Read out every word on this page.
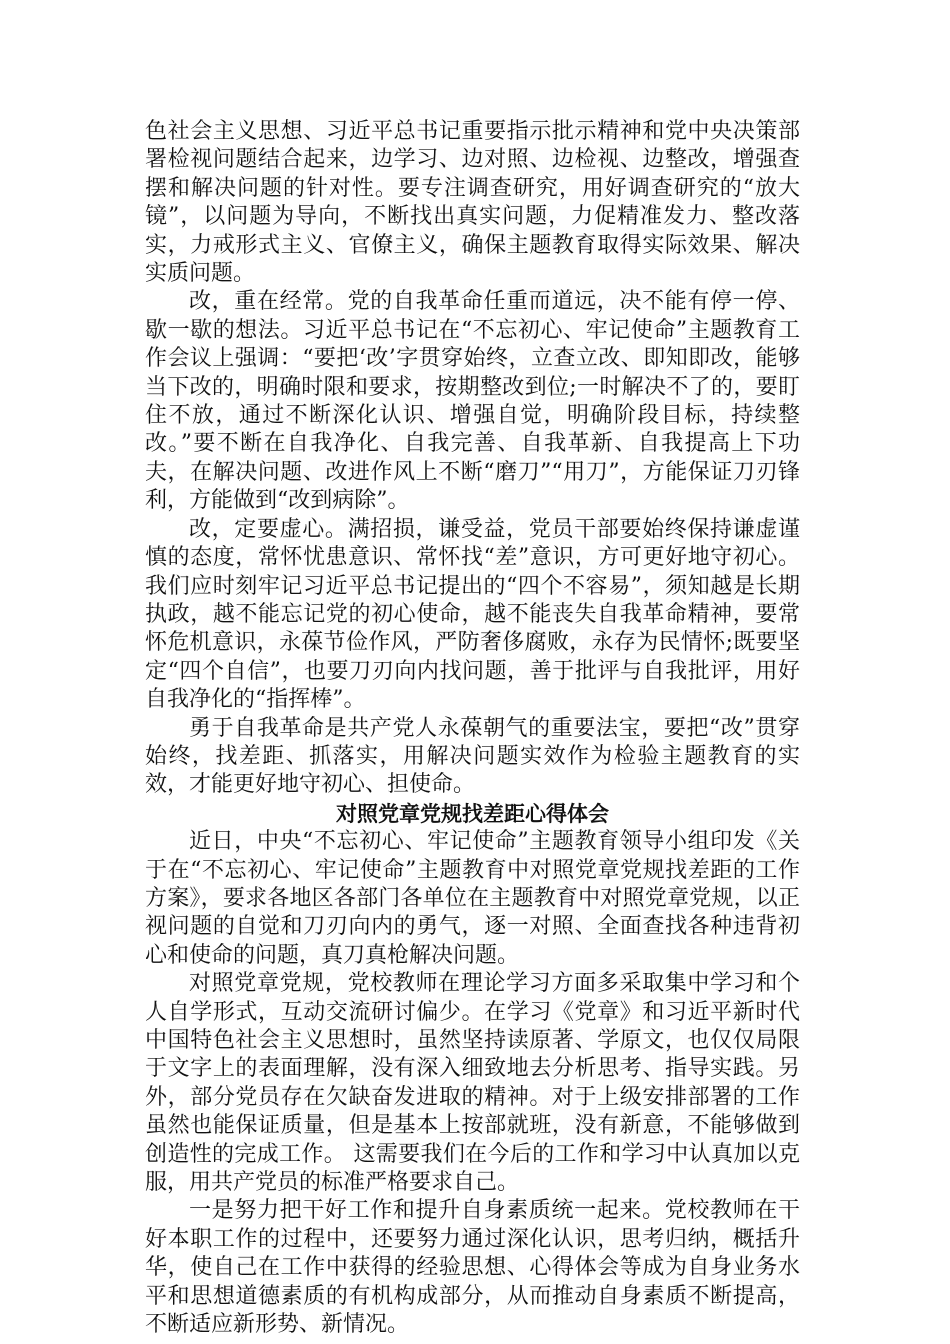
色社会主义思想、习近平总书记重要指示批示精神和党中央决策部署检视问题结合起来，边学习、边对照、边检视、边整改，增强查摆和解决问题的针对性。要专注调查研究，用好调查研究的“放大镜”，以问题为导向，不断找出真实问题，力促精准发力、整改落实，力戒形式主义、官僚主义，确保主题教育取得实际效果、解决实质问题。

改，重在经常。党的自我革命任重而道远，决不能有停一停、歇一歇的想法。习近平总书记在“不忘初心、牢记使命”主题教育工作会议上强调：“要把‘改’字贯穿始终，立查立改、即知即改，能够当下改的，明确时限和要求，按期整改到位;一时解决不了的，要盯住不放，通过不断深化认识、增强自觉，明确阶段目标，持续整改。”要不断在自我净化、自我完善、自我革新、自我提高上下功夫，在解决问题、改进作风上不断“磨刀”“用刀”，方能保证刀刃锋利，方能做到“改到病除”。

改，定要虚心。满招损，谦受益，党员干部要始终保持谦虚谨慎的态度，常怀忧患意识、常怀找“差”意识，方可更好地守初心。我们应时刻牢记习近平总书记提出的“四个不容易”，须知越是长期执政，越不能忘记党的初心使命，越不能丧失自我革命精神，要常怀危机意识，永葆节俭作风，严防奢侈腐败，永存为民情怀;既要坚定“四个自信”，也要刀刃向内找问题，善于批评与自我批评，用好自我净化的“指挥棒”。

勇于自我革命是共产党人永葆朝气的重要法宝，要把“改”贯穿始终，找差距、抓落实，用解决问题实效作为检验主题教育的实效，才能更好地守初心、担使命。

对照党章党规找差距心得体会

近日，中央“不忘初心、牢记使命”主题教育领导小组印发《关于在“不忘初心、牢记使命”主题教育中对照党章党规找差距的工作方案》，要求各地区各部门各单位在主题教育中对照党章党规，以正视问题的自觉和刀刃向内的勇气，逐一对照、全面查找各种违背初心和使命的问题，真刀真枪解决问题。

对照党章党规，党校教师在理论学习方面多采取集中学习和个人自学形式，互动交流研讨偏少。在学习《党章》和习近平新时代中国特色社会主义思想时，虽然坚持读原著、学原文，也仅仅局限于文字上的表面理解，没有深入细致地去分析思考、指导实践。另外，部分党员存在欠缺奋发进取的精神。对于上级安排部署的工作虽然也能保证质量，但是基本上按部就班，没有新意，不能够做到创造性的完成工作。 这需要我们在今后的工作和学习中认真加以克服，用共产党员的标准严格要求自己。

一是努力把干好工作和提升自身素质统一起来。党校教师在干好本职工作的过程中，还要努力通过深化认识，思考归纳，概括升华，使自己在工作中获得的经验思想、心得体会等成为自身业务水平和思想道德素质的有机构成部分，从而推动自身素质不断提高，不断适应新形势、新情况。
